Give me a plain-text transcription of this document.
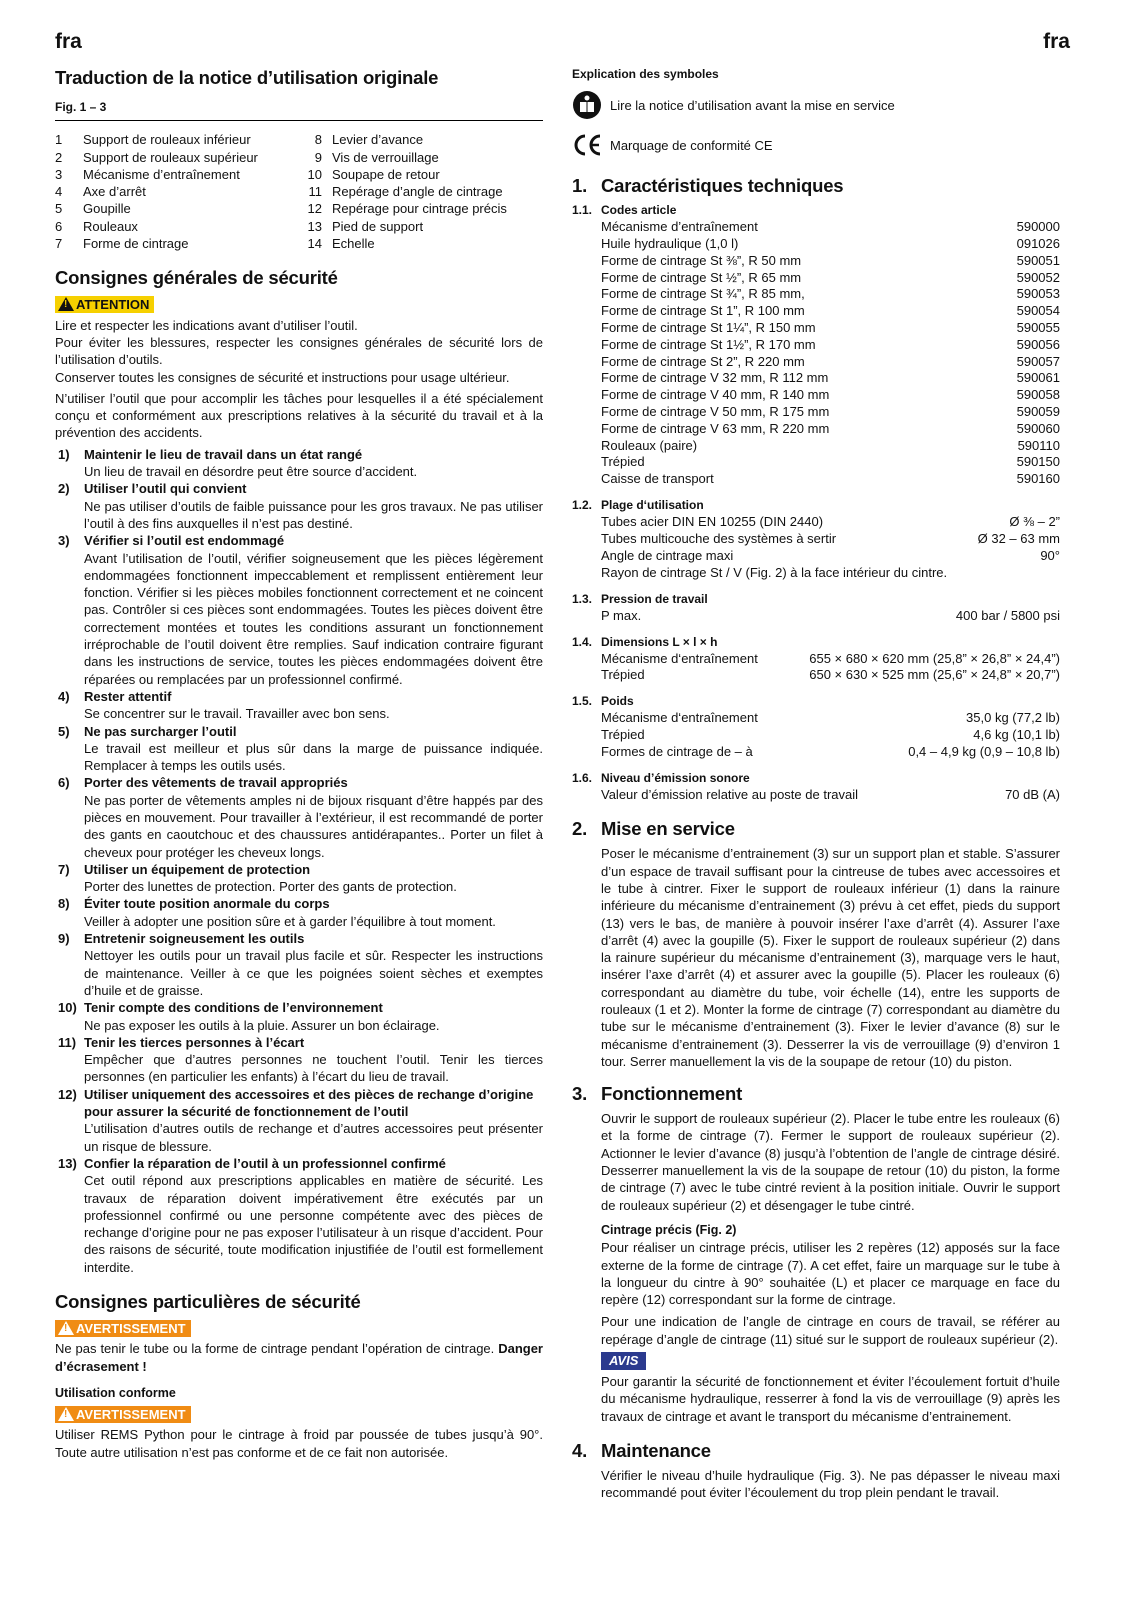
fra	fra
Traduction de la notice d’utilisation originale
Fig. 1 – 3
1	Support de rouleaux inférieur	8 Levier d’avance
2	Support de rouleaux supérieur	9 Vis de verrouillage
3	Mécanisme d’entraînement	10 Soupape de retour
4	Axe d’arrêt	11 Repérage d’angle de cintrage
5	Goupille	12 Repérage pour cintrage précis
6	Rouleaux	13 Pied de support
7	Forme de cintrage	14 Echelle
Consignes générales de sécurité
!ATTENTION

Lire et respecter les indications avant d’utiliser l’outil.

Pour éviter les blessures, respecter les consignes générales de sécurité lors de l’utilisation d’outils.

Conserver toutes les consignes de sécurité et instructions pour usage ultérieur.

N’utiliser l’outil que pour accomplir les tâches pour lesquelles il a été spécialement conçu et conformément aux prescriptions relatives à la sécurité du travail et à la prévention des accidents.

1)	Maintenir le lieu de travail dans un état rangé
Un lieu de travail en désordre peut être source d’accident.
2)	Utiliser l’outil qui convient
Ne pas utiliser d’outils de faible puissance pour les gros travaux. Ne pas utiliser l’outil à des fins auxquelles il n’est pas destiné.
3)	Vérifier si l’outil est endommagé
Avant l’utilisation de l’outil, vérifier soigneusement que les pièces légèrement endommagées fonctionnent impeccablement et remplissent entièrement leur fonction. Vérifier si les pièces mobiles fonctionnent correctement et ne coincent pas. Contrôler si ces pièces sont endommagées. Toutes les pièces doivent être correctement montées et toutes les conditions assurant un fonctionnement irréprochable de l’outil doivent être remplies. Sauf indication contraire figurant dans les instructions de service, toutes les pièces endommagées doivent être réparées ou remplacées par un professionnel confirmé.
4)	Rester attentif
Se concentrer sur le travail. Travailler avec bon sens.
5)	Ne pas surcharger l’outil
Le travail est meilleur et plus sûr dans la marge de puissance indiquée. Remplacer à temps les outils usés.
6)	Porter des vêtements de travail appropriés
Ne pas porter de vêtements amples ni de bijoux risquant d’être happés par des pièces en mouvement. Pour travailler à l’extérieur, il est recommandé de porter des gants en caoutchouc et des chaussures antidérapantes.. Porter un filet à cheveux pour protéger les cheveux longs.
7)	Utiliser un équipement de protection
Porter des lunettes de protection. Porter des gants de protection.
8)	Éviter toute position anormale du corps
Veiller à adopter une position sûre et à garder l’équilibre à tout moment.
9)	Entretenir soigneusement les outils
Nettoyer les outils pour un travail plus facile et sûr. Respecter les instructions de maintenance. Veiller à ce que les poignées soient sèches et exemptes d’huile et de graisse.
10) Tenir compte des conditions de l’environnement
Ne pas exposer les outils à la pluie. Assurer un bon éclairage.
11) Tenir les tierces personnes à l’écart
Empêcher que d’autres personnes ne touchent l’outil. Tenir les tierces personnes (en particulier les enfants) à l’écart du lieu de travail.
12) Utiliser uniquement des accessoires et des pièces de rechange d’origine pour assurer la sécurité de fonctionnement de l’outil
L’utilisation d’autres outils de rechange et d’autres accessoires peut présenter un risque de blessure.
13) Confier la réparation de l’outil à un professionnel confirmé
Cet outil répond aux prescriptions applicables en matière de sécurité. Les travaux de réparation doivent impérativement être exécutés par un professionnel confirmé ou une personne compétente avec des pièces de rechange d’origine pour ne pas exposer l’utilisateur à un risque d’accident. Pour des raisons de sécurité, toute modification injustifiée de l’outil est formellement interdite.
Consignes particulières de sécurité
!AVERTISSEMENT

Ne pas tenir le tube ou la forme de cintrage pendant l’opération de cintrage. Danger d’écrasement !

Utilisation conforme
!AVERTISSEMENT

Utiliser REMS Python pour le cintrage à froid par poussée de tubes jusqu’à 90°. Toute autre utilisation n’est pas conforme et de ce fait non autorisée.

Explication des symboles
Lire la notice d’utilisation avant la mise en service
Marquage de conformité CE
1. Caractéristiques techniques
1.1. Codes article
Mécanisme d’entraînement	590000
Huile hydraulique (1,0 l)	091026
Forme de cintrage St ⅜”, R 50 mm	590051
Forme de cintrage St ½”, R 65 mm	590052
Forme de cintrage St ¾”, R 85 mm,	590053
Forme de cintrage St 1”, R 100 mm	590054
Forme de cintrage St 1¼”, R 150 mm	590055
Forme de cintrage St 1½”, R 170 mm	590056
Forme de cintrage St 2”, R 220 mm	590057
Forme de cintrage V 32 mm, R 112 mm	590061
Forme de cintrage V 40 mm, R 140 mm	590058
Forme de cintrage V 50 mm, R 175 mm	590059
Forme de cintrage V 63 mm, R 220 mm	590060
Rouleaux (paire)	590110
Trépied	590150
Caisse de transport	590160
1.2. Plage d‘utilisation
Tubes acier DIN EN 10255 (DIN 2440)	Ø ⅜ – 2”
Tubes multicouche des systèmes à sertir	Ø 32 – 63 mm
Angle de cintrage maxi	90°
Rayon de cintrage St / V (Fig. 2) à la face intérieur du cintre.
1.3. Pression de travail
P max.	400 bar / 5800 psi
1.4. Dimensions L × l × h
Mécanisme d‘entraînement	655 × 680 × 620 mm (25,8” × 26,8” × 24,4”)
Trépied	650 × 630 × 525 mm (25,6” × 24,8” × 20,7”)
1.5. Poids
Mécanisme d‘entraînement	35,0 kg (77,2 lb)
Trépied	4,6 kg (10,1 lb)
Formes de cintrage de – à	0,4 – 4,9 kg (0,9 – 10,8 lb)
1.6. Niveau d’émission sonore
Valeur d’émission relative au poste de travail	70 dB (A)
2. Mise en service

Poser le mécanisme d’entrainement (3) sur un support plan et stable. S’assurer d’un espace de travail suffisant pour la cintreuse de tubes avec accessoires et le tube à cintrer. Fixer le support de rouleaux inférieur (1) dans la rainure inférieure du mécanisme d’entrainement (3) prévu à cet effet, pieds du support (13) vers le bas, de manière à pouvoir insérer l’axe d’arrêt (4). Assurer l’axe d’arrêt (4) avec la goupille (5). Fixer le support de rouleaux supérieur (2) dans la rainure supérieur du mécanisme d’entrainement (3), marquage vers le haut, insérer l’axe d’arrêt (4) et assurer avec la goupille (5). Placer les rouleaux (6) correspondant au diamètre du tube, voir échelle (14), entre les supports de rouleaux (1 et 2). Monter la forme de cintrage (7) correspondant au diamètre du tube sur le mécanisme d’entrainement (3). Fixer le levier d’avance (8) sur le mécanisme d’entrainement (3). Desserrer la vis de verrouillage (9) d’environ 1 tour. Serrer manuellement la vis de la soupape de retour (10) du piston.

3. Fonctionnement

Ouvrir le support de rouleaux supérieur (2). Placer le tube entre les rouleaux (6) et la forme de cintrage (7). Fermer le support de rouleaux supérieur (2). Actionner le levier d’avance (8) jusqu’à l’obtention de l’angle de cintrage désiré. Desserrer manuellement la vis de la soupape de retour (10) du piston, la forme de cintrage (7) avec le tube cintré revient à la position initiale. Ouvrir le support de rouleaux supérieur (2) et désengager le tube cintré.

Cintrage précis (Fig. 2)

Pour réaliser un cintrage précis, utiliser les 2 repères (12) apposés sur la face externe de la forme de cintrage (7). A cet effet, faire un marquage sur le tube à la longueur du cintre à 90° souhaitée (L) et placer ce marquage en face du repère (12) correspondant sur la forme de cintrage.

Pour une indication de l’angle de cintrage en cours de travail, se référer au repérage d’angle de cintrage (11) situé sur le support de rouleaux supérieur (2).

AVIS

Pour garantir la sécurité de fonctionnement et éviter l’écoulement fortuit d’huile du mécanisme hydraulique, resserrer à fond la vis de verrouillage (9) après les travaux de cintrage et avant le transport du mécanisme d’entrainement.

4. Maintenance

Vérifier le niveau d’huile hydraulique (Fig. 3). Ne pas dépasser le niveau maxi recommandé pout éviter l’écoulement du trop plein pendant le travail.
